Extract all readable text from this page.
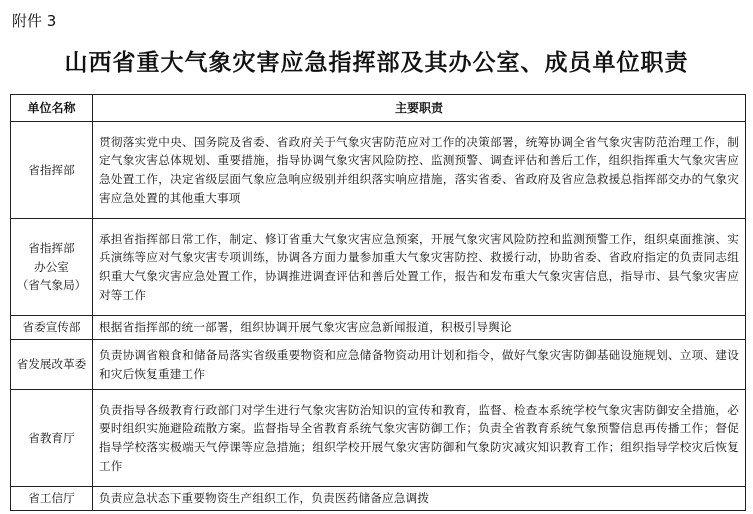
附件 3
山西省重大气象灾害应急指挥部及其办公室、成员单位职责
单位名称	主要职责

省指挥部	贯彻落实党中央、国务院及省委、省政府关于气象灾害防范应对工作的决策部署，统筹协调全省气象灾害防范治理工作，制定气象灾害总体规划、重要措施，指导协调气象灾害风险防控、监测预警、调查评估和善后工作，组织指挥重大气象灾害应急处置工作，决定省级层面气象应急响应级别并组织落实响应措施，落实省委、省政府及省应急救援总指挥部交办的气象灾害应急处置的其他重大事项

省指挥部
办公室
（省气象局）	承担省指挥部日常工作，制定、修订省重大气象灾害应急预案，开展气象灾害风险防控和监测预警工作，组织桌面推演、实兵演练等应对气象灾害专项训练，协调各方面力量参加重大气象灾害防控、救援行动，协助省委、省政府指定的负责同志组织重大气象灾害应急处置工作，协调推进调查评估和善后处置工作，报告和发布重大气象灾害信息，指导市、县气象灾害应对等工作

省委宣传部	根据省指挥部的统一部署，组织协调开展气象灾害应急新闻报道，积极引导舆论

省发展改革委	负责协调省粮食和储备局落实省级重要物资和应急储备物资动用计划和指令，做好气象灾害防御基础设施规划、立项、建设和灾后恢复重建工作

省教育厅	负责指导各级教育行政部门对学生进行气象灾害防治知识的宣传和教育，监督、检查本系统学校气象灾害防御安全措施，必要时组织实施避险疏散方案。监督指导全省教育系统气象灾害防御工作；负责全省教育系统气象预警信息再传播工作；督促指导学校落实极端天气停课等应急措施；组织学校开展气象灾害防御和气象防灾减灾知识教育工作；组织指导学校灾后恢复工作

省工信厅	负责应急状态下重要物资生产组织工作，负责医药储备应急调拨
